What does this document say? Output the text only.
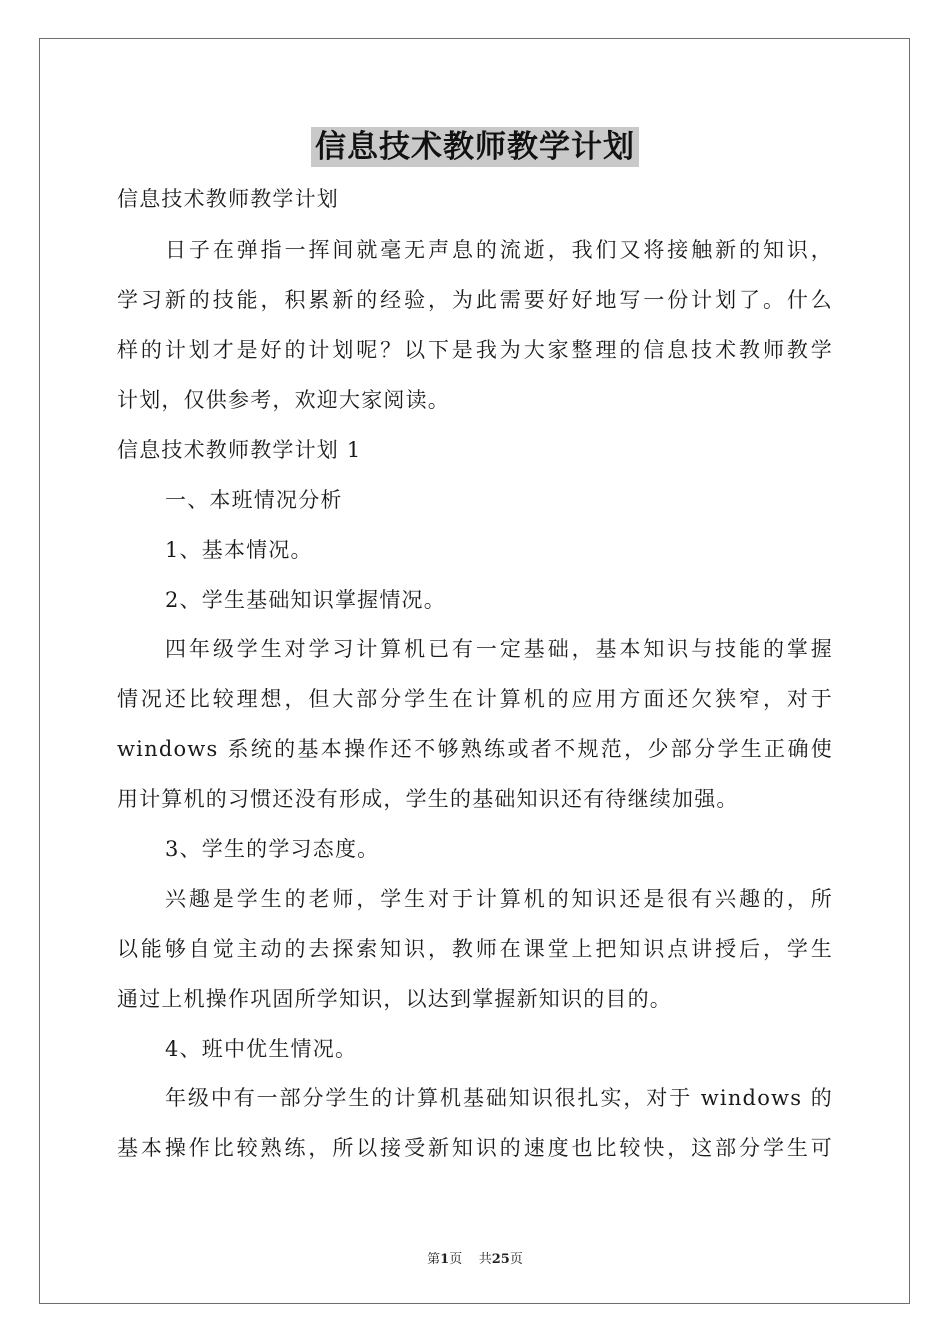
信息技术教师教学计划
信息技术教师教学计划
日子在弹指一挥间就毫无声息的流逝，我们又将接触新的知识，
学习新的技能，积累新的经验，为此需要好好地写一份计划了。什么
样的计划才是好的计划呢？以下是我为大家整理的信息技术教师教学
计划，仅供参考，欢迎大家阅读。
信息技术教师教学计划 1
一、本班情况分析
1、基本情况。
2、学生基础知识掌握情况。
四年级学生对学习计算机已有一定基础，基本知识与技能的掌握
情况还比较理想，但大部分学生在计算机的应用方面还欠狭窄，对于
windows 系统的基本操作还不够熟练或者不规范，少部分学生正确使
用计算机的习惯还没有形成，学生的基础知识还有待继续加强。
3、学生的学习态度。
兴趣是学生的老师，学生对于计算机的知识还是很有兴趣的，所
以能够自觉主动的去探索知识，教师在课堂上把知识点讲授后，学生
通过上机操作巩固所学知识，以达到掌握新知识的目的。
4、班中优生情况。
年级中有一部分学生的计算机基础知识很扎实，对于 windows 的
基本操作比较熟练，所以接受新知识的速度也比较快，这部分学生可
第1页 共25页
